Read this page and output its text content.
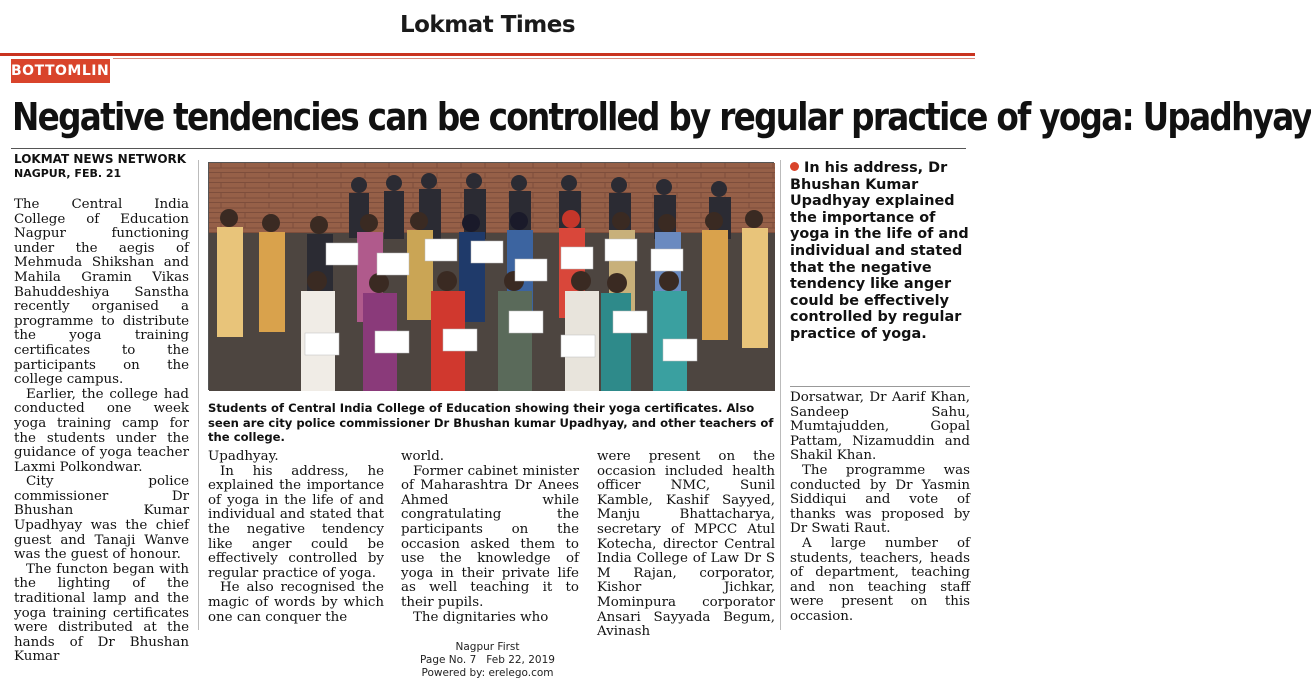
Lokmat Times
BOTTOMLINE
Negative tendencies can be controlled by regular practice of yoga: Upadhyay
LOKMAT NEWS NETWORK
NAGPUR, FEB. 21

The Central India College of Education Nagpur functioning under the aegis of Mehmuda Shikshan and Mahila Gramin Vikas Bahuddeshiya Sanstha recently organised a programme to distribute the yoga training certificates to the participants on the college campus.

Earlier, the college had conducted one week yoga training camp for the students under the guidance of yoga teacher Laxmi Polkondwar.

City police commissioner Dr Bhushan Kumar Upadhyay was the chief guest and Tanaji Wanve was the guest of honour.

The functon began with the lighting of the traditional lamp and the yoga training certificates were distributed at the hands of Dr Bhushan Kumar

Students of Central India College of Education showing their yoga certificates. Also seen are city police commissioner Dr Bhushan kumar Upadhyay, and other teachers of the college.

Upadhyay.

In his address, he explained the importance of yoga in the life of and individual and stated that the negative tendency like anger could be effectively controlled by regular practice of yoga.

He also recognised the magic of words by which one can conquer the

world.

Former cabinet minister of Maharashtra Dr Anees Ahmed while congratulating the participants on the occasion asked them to use the knowledge of yoga in their private life as well teaching it to their pupils.

The dignitaries who

were present on the occasion included health officer NMC, Sunil Kamble, Kashif Sayyed, Manju Bhattacharya, secretary of MPCC Atul Kotecha, director Central India College of Law Dr S M Rajan, corporator, Kishor Jichkar, Mominpura corporator Ansari Sayyada Begum, Avinash

In his address, Dr Bhushan Kumar Upadhyay explained the importance of yoga in the life of and individual and stated that the negative tendency like anger could be effectively controlled by regular practice of yoga.

Dorsatwar, Dr Aarif Khan, Sandeep Sahu, Mumtajudden, Gopal Pattam, Nizamuddin and Shakil Khan.

The programme was conducted by Dr Yasmin Siddiqui and vote of thanks was proposed by Dr Swati Raut.

A large number of students, teachers, heads of department, teaching and non teaching staff were present on this occasion.

Nagpur First
Page No. 7   Feb 22, 2019
Powered by: erelego.com
